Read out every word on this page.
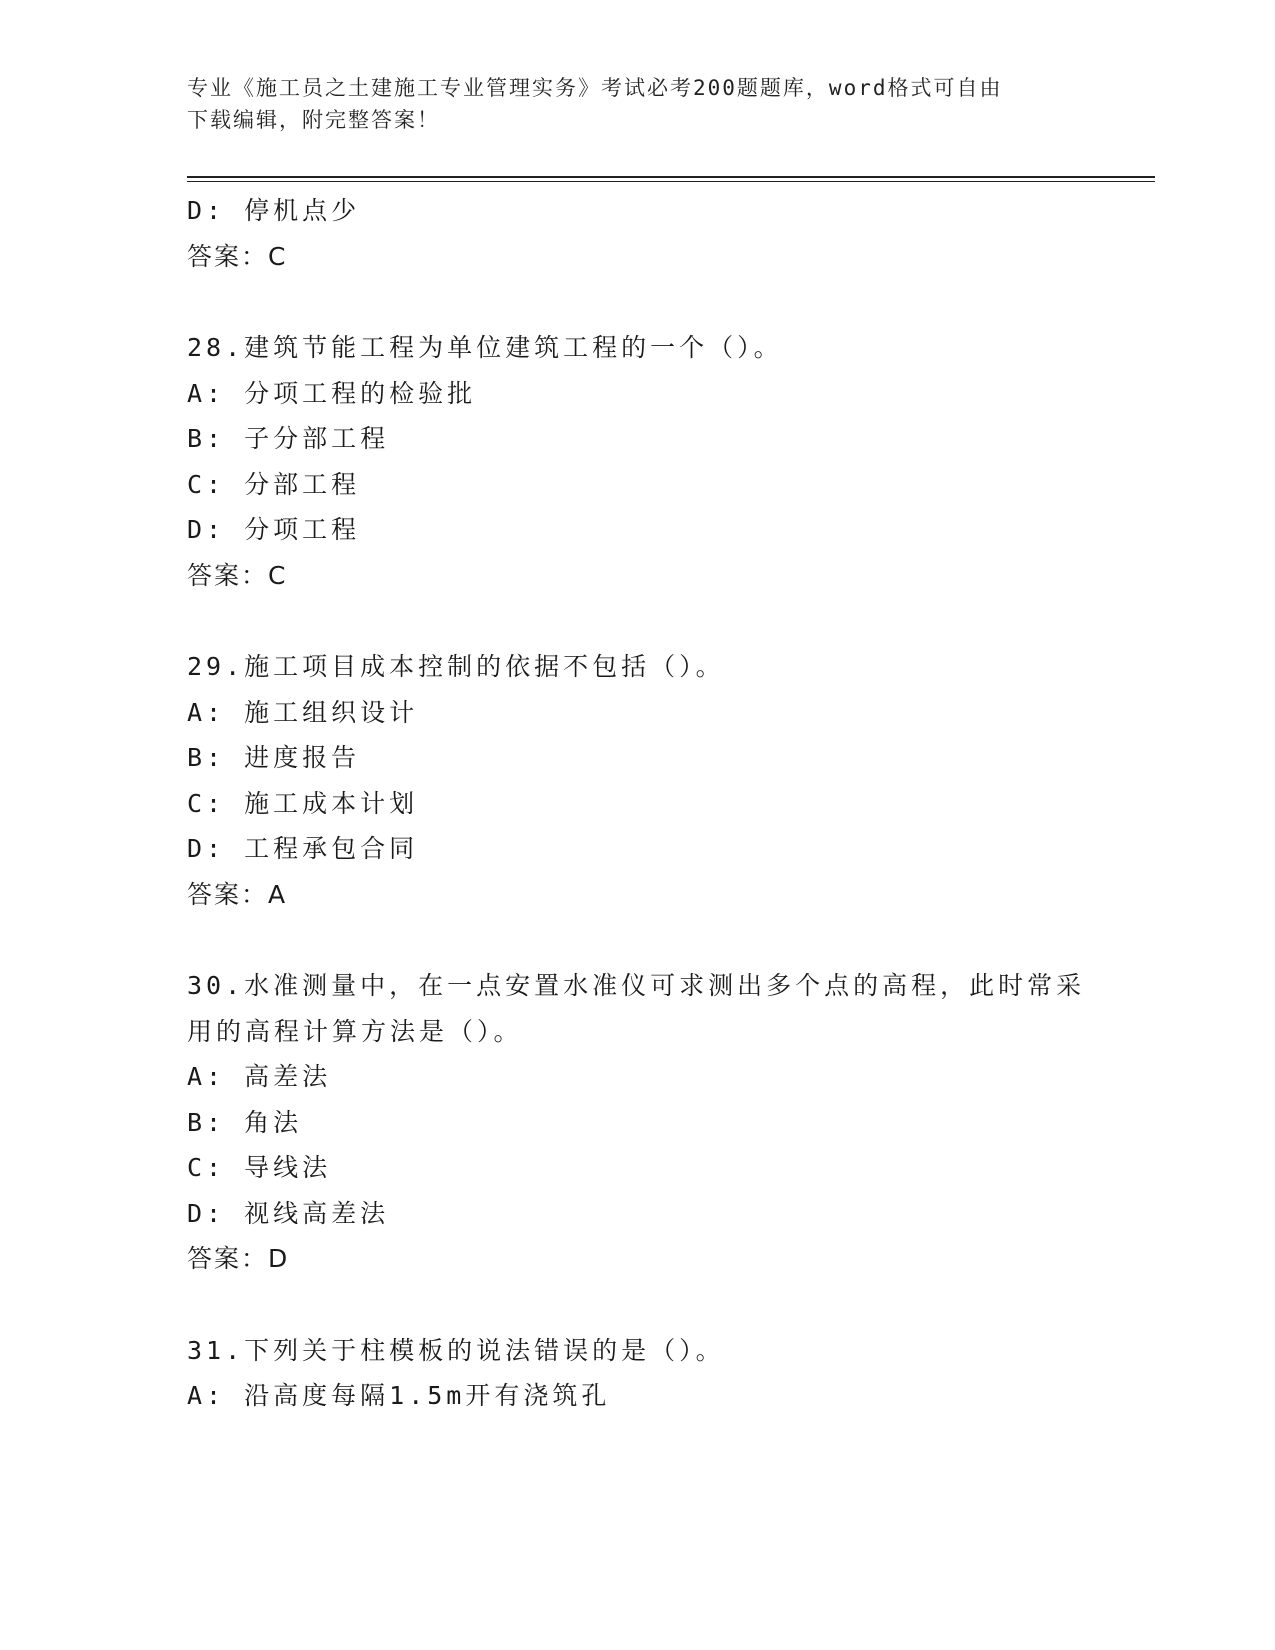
专业《施工员之土建施工专业管理实务》考试必考200题题库，word格式可自由
下载编辑，附完整答案！
D: 停机点少
答案：C
28.建筑节能工程为单位建筑工程的一个（）。
A: 分项工程的检验批
B: 子分部工程
C: 分部工程
D: 分项工程
答案：C
29.施工项目成本控制的依据不包括（）。
A: 施工组织设计
B: 进度报告
C: 施工成本计划
D: 工程承包合同
答案：A
30.水准测量中，在一点安置水准仪可求测出多个点的高程，此时常采
用的高程计算方法是（）。
A: 高差法
B: 角法
C: 导线法
D: 视线高差法
答案：D
31.下列关于柱模板的说法错误的是（）。
A: 沿高度每隔1.5m开有浇筑孔
